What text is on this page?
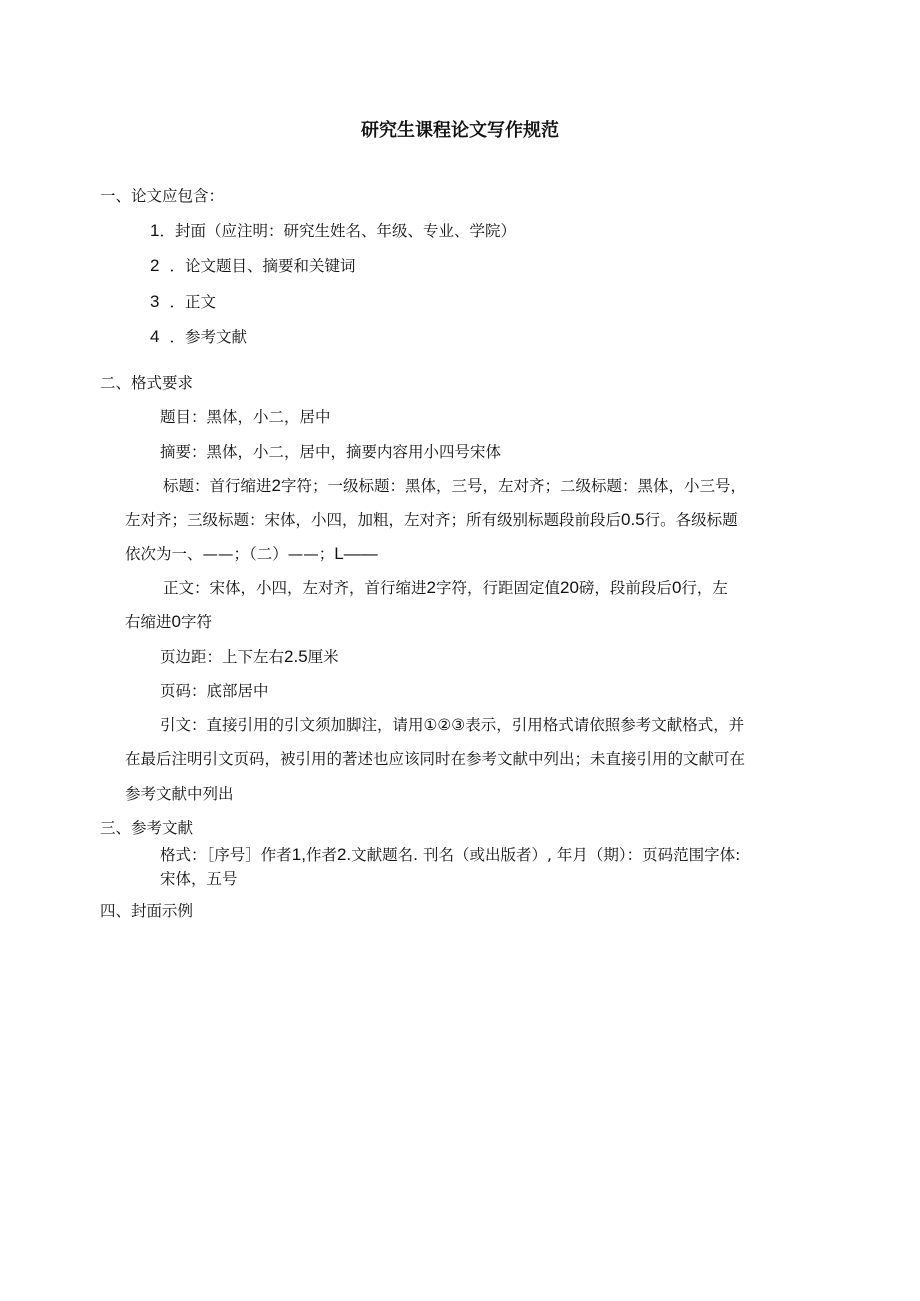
研究生课程论文写作规范
一、论文应包含：
1．封面（应注明：研究生姓名、年级、专业、学院）
2 ．论文题目、摘要和关键词
3 ．正文
4 ．参考文献
二、格式要求
题目：黑体，小二，居中
摘要：黑体，小二，居中，摘要内容用小四号宋体
标题：首行缩进2字符；一级标题：黑体，三号，左对齐；二级标题：黑体，小三号，
左对齐；三级标题：宋体，小四，加粗，左对齐；所有级别标题段前段后0.5行。各级标题
依次为一、——；（二）——；L——
正文：宋体，小四，左对齐，首行缩进2字符，行距固定值20磅，段前段后0行，左
右缩进0字符
页边距：上下左右2.5厘米
页码：底部居中
引文：直接引用的引文须加脚注，请用①②③表示，引用格式请依照参考文献格式，并
在最后注明引文页码，被引用的著述也应该同时在参考文献中列出；未直接引用的文献可在
参考文献中列出
三、参考文献
格式：［序号］作者1,作者2.文献题名. 刊名（或出版者）, 年月（期）：页码范围字体:
宋体，五号
四、封面示例
